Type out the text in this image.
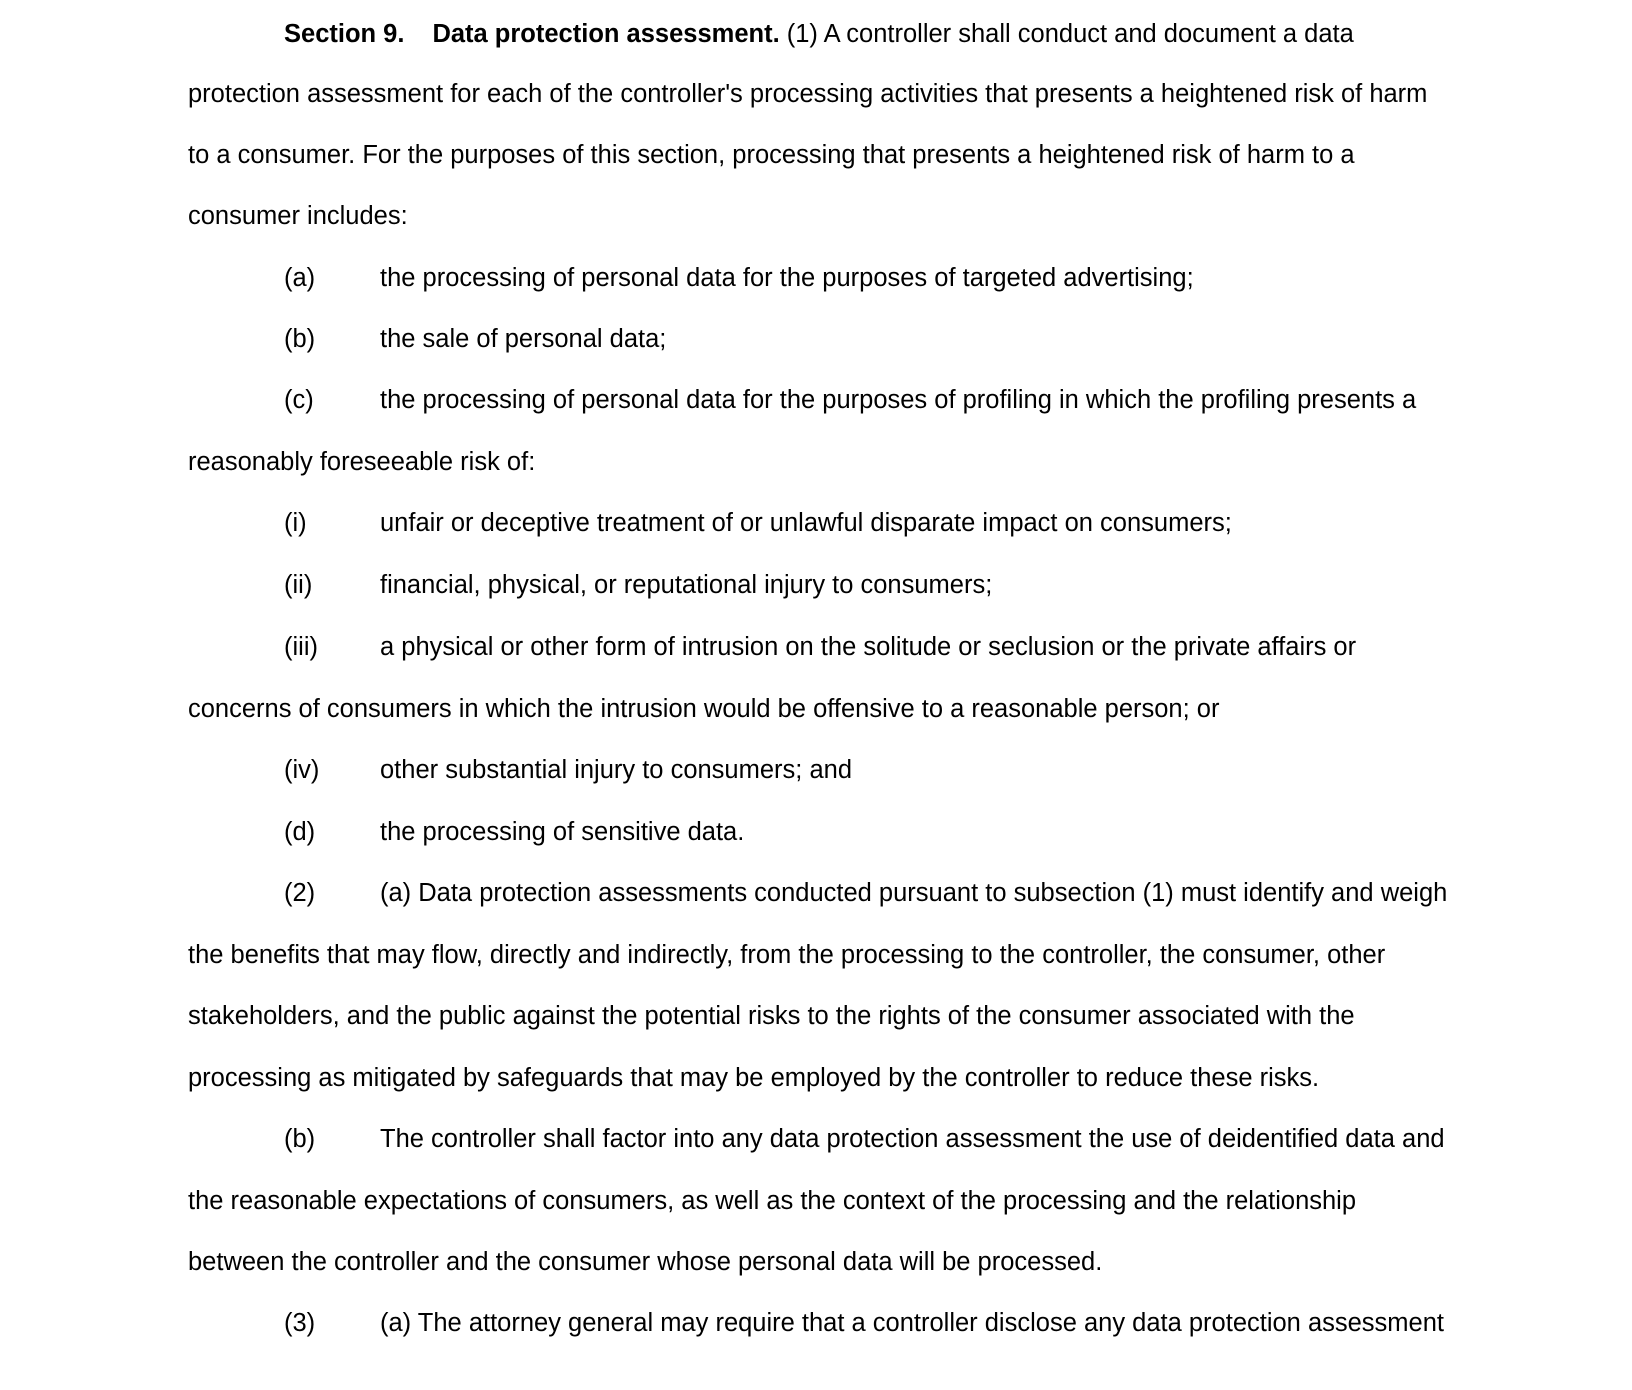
Section 9. Data protection assessment. (1) A controller shall conduct and document a data
protection assessment for each of the controller's processing activities that presents a heightened risk of harm
to a consumer. For the purposes of this section, processing that presents a heightened risk of harm to a
consumer includes:
(a)	the processing of personal data for the purposes of targeted advertising;
(b)	the sale of personal data;
(c)	the processing of personal data for the purposes of profiling in which the profiling presents a
reasonably foreseeable risk of:
(i)	unfair or deceptive treatment of or unlawful disparate impact on consumers;
(ii)	financial, physical, or reputational injury to consumers;
(iii) a physical or other form of intrusion on the solitude or seclusion or the private affairs or
concerns of consumers in which the intrusion would be offensive to a reasonable person; or
(iv) other substantial injury to consumers; and
(d)	the processing of sensitive data.
(2)	(a) Data protection assessments conducted pursuant to subsection (1) must identify and weigh
the benefits that may flow, directly and indirectly, from the processing to the controller, the consumer, other
stakeholders, and the public against the potential risks to the rights of the consumer associated with the
processing as mitigated by safeguards that may be employed by the controller to reduce these risks.
(b)	The controller shall factor into any data protection assessment the use of deidentified data and
the reasonable expectations of consumers, as well as the context of the processing and the relationship
between the controller and the consumer whose personal data will be processed.
(3)	(a) The attorney general may require that a controller disclose any data protection assessment
